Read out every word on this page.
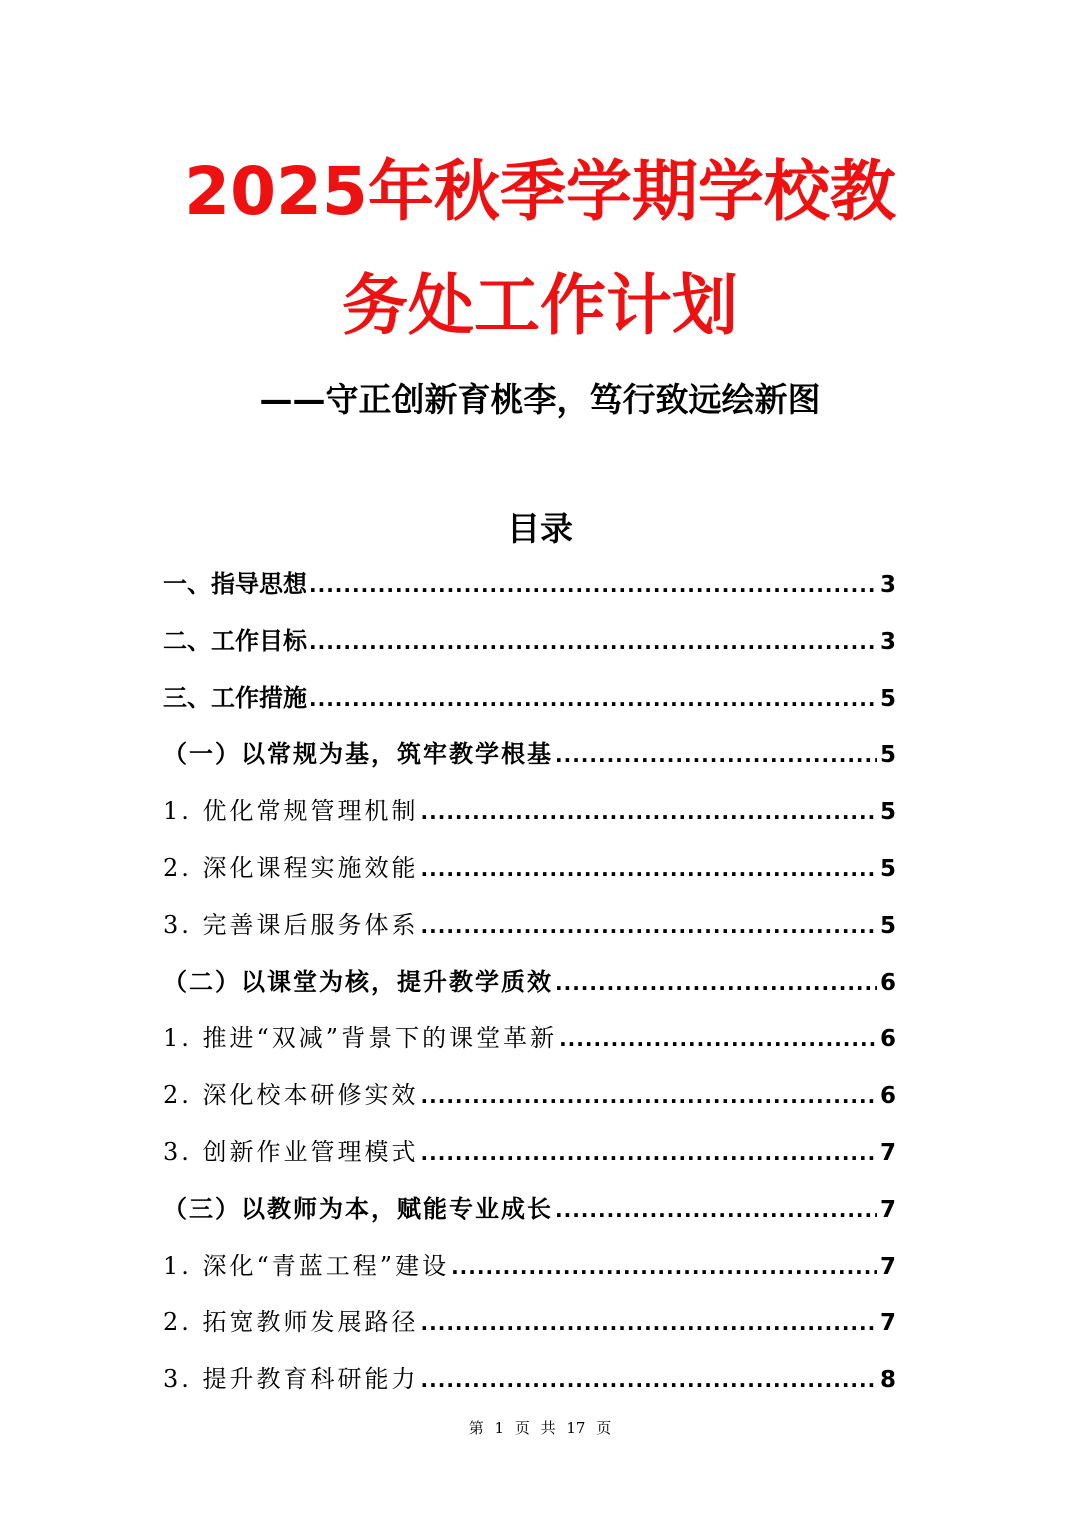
2025年秋季学期学校教
务处工作计划
——守正创新育桃李，笃行致远绘新图
目录
一、指导思想 .....	3
二、工作目标 .....	3
三、工作措施 .....	5
（一）以常规为基，筑牢教学根基 .....	5
1. 优化常规管理机制 .....	5
2. 深化课程实施效能 .....	5
3. 完善课后服务体系 .....	5
（二）以课堂为核，提升教学质效 .....	6
1. 推进“双减”背景下的课堂革新 .....	6
2. 深化校本研修实效 .....	6
3. 创新作业管理模式 .....	7
（三）以教师为本，赋能专业成长 .....	7
1. 深化“青蓝工程”建设 .....	7
2. 拓宽教师发展路径 .....	7
3. 提升教育科研能力 .....	8

第 1 页 共 17 页
